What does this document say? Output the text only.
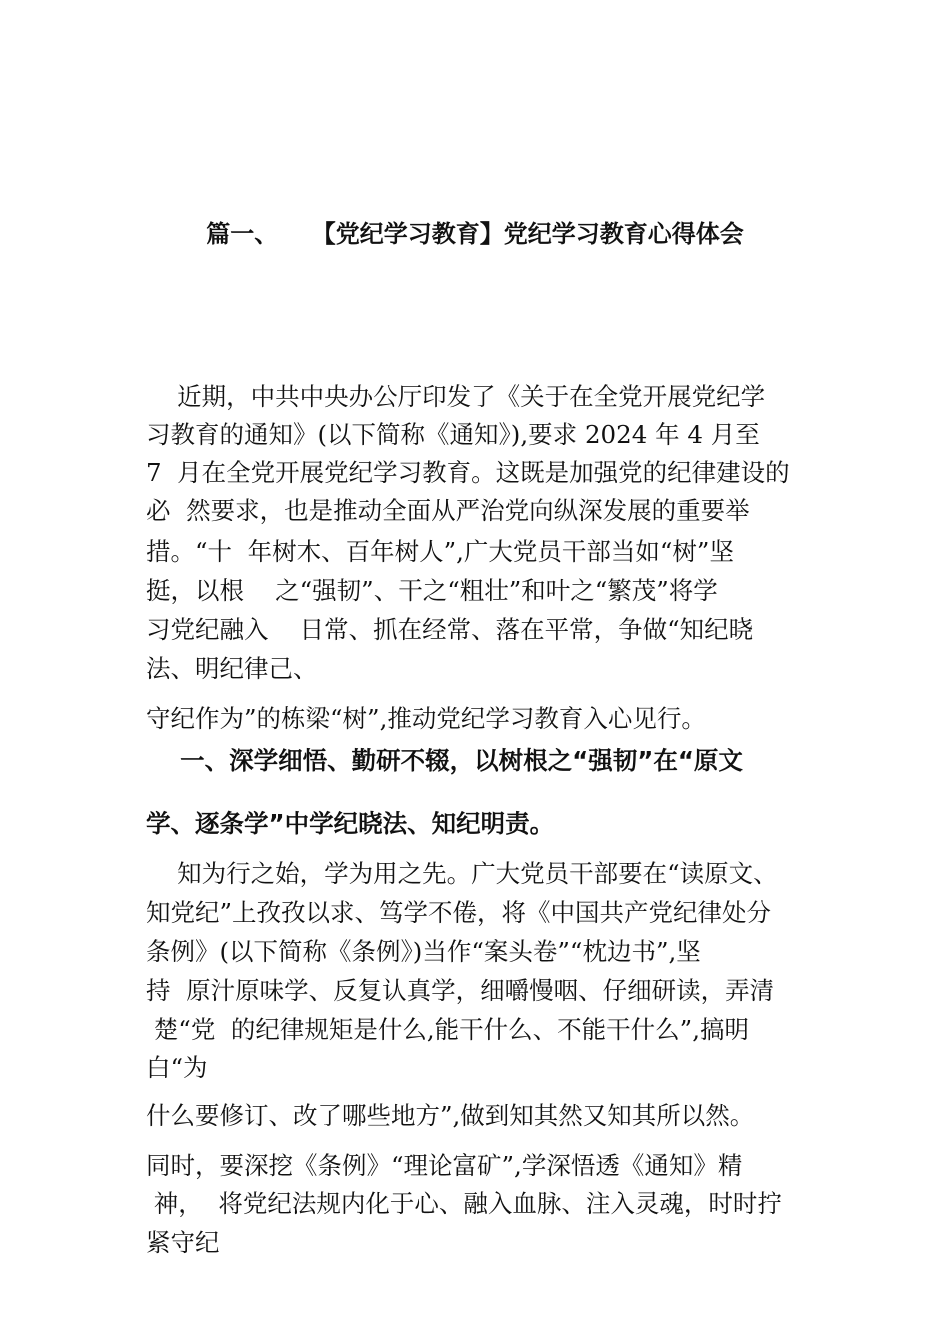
篇一、    【党纪学习教育】党纪学习教育心得体会
近期，中共中央办公厅印发了《关于在全党开展党纪学
习教育的通知》(以下简称《通知》),要求 2024 年 4 月至
7  月在全党开展党纪学习教育。这既是加强党的纪律建设的
必  然要求，也是推动全面从严治党向纵深发展的重要举
措。“十  年树木、百年树人”,广大党员干部当如“树”坚
挺，以根    之“强韧”、干之“粗壮”和叶之“繁茂”将学
习党纪融入    日常、抓在经常、落在平常，争做“知纪晓
法、明纪律己、
守纪作为”的栋梁“树”,推动党纪学习教育入心见行。
一、深学细悟、勤研不辍，以树根之“强韧”在“原文
学、逐条学”中学纪晓法、知纪明责。
知为行之始，学为用之先。广大党员干部要在“读原文、
知党纪”上孜孜以求、笃学不倦，将《中国共产党纪律处分
条例》(以下简称《条例》)当作“案头卷”“枕边书”,坚
持  原汁原味学、反复认真学，细嚼慢咽、仔细研读，弄清
楚“党  的纪律规矩是什么,能干什么、不能干什么”,搞明
白“为
什么要修订、改了哪些地方”,做到知其然又知其所以然。
同时，要深挖《条例》“理论富矿”,学深悟透《通知》精
神，  将党纪法规内化于心、融入血脉、注入灵魂，时时拧
紧守纪
